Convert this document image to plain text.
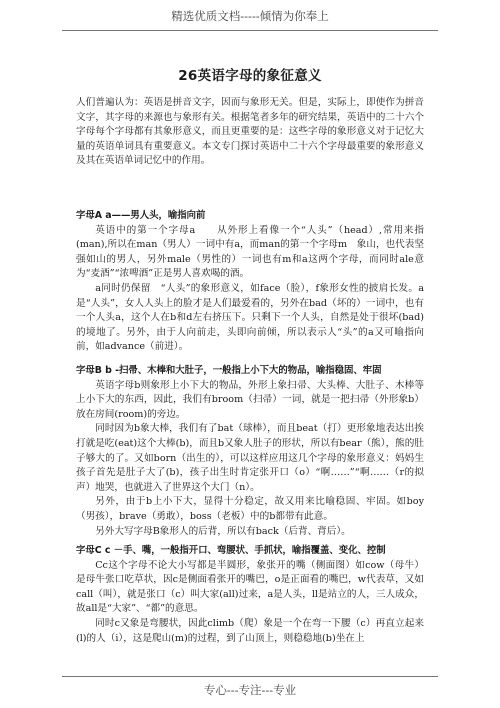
精选优质文档-----倾情为你奉上
26英语字母的象征意义

人们普遍认为：英语是拼音文字，因而与象形无关。但是，实际上，即使作为拼音文字，其字母的来源也与象形有关。根据笔者多年的研究结果，英语中的二十六个字母每个字母都有其象形意义，而且更重要的是：这些字母的象形意义对于记忆大量的英语单词具有重要意义。本文专门探讨英语中二十六个字母最重要的象形意义及其在英语单词记忆中的作用。

字母A a——男人头，喻指向前

英语中的第一个字母a　　从外形上看像一个“人头”（head）,常用来指(man),所以在man（男人）一词中有a，而man的第一个字母m　象山，也代表坚强如山的男人，另外male（男性的）一词也有m和a这两个字母，而同时ale意为“麦酒”“浓啤酒”正是男人喜欢喝的酒。

a同时仍保留　“人头”的象形意义，如face（脸），f象形女性的披肩长发。a是“人头”，女人人头上的脸才是人们最爱看的，另外在bad（坏的）一词中，也有一个人头a，这个人在b和d左右挤压下。只剩下一个人头，自然是处于很坏(bad)的境地了。另外，由于人向前走，头即向前倾，所以表示人“头”的a又可喻指向前，如advance（前进）。

字母B b -扫帚、木棒和大肚子，一般指上小下大的物品，喻指稳固、牢固

英语字母b则象形上小下大的物品，外形上象扫帚、大头棒、大肚子、木棒等上小下大的东西，因此，我们有broom（扫帚）一词，就是一把扫帚（外形象b）放在房间(room)的旁边。

同时因为b象大棒，我们有了bat（球棒），而且beat（打）更形象地表达出挨打就是吃(eat)这个大棒(b)，而且b又象人肚子的形状，所以有bear（熊），熊的肚子够大的了。又如born（出生的），可以这样应用这几个字母的象形意义：妈妈生孩子首先是肚子大了(b)，孩子出生时肯定张开口（o）“啊……”“啊……（r的拟声）地哭，也就进入了世界这个大门（n）。

另外，由于b上小下大，显得十分稳定，故又用来比喻稳固、牢固。如boy（男孩），brave（勇敢），boss（老板）中的b都带有此意。

另外大写字母B象形人的后背，所以有back（后背、背后）。

字母C c －手、嘴，一般指开口、弯腰状、手抓状，喻指覆盖、变化、控制

Cc这个字母不论大小写都是半圆形，象张开的嘴（侧面图）如cow（母牛）是母牛张口吃草状，因c是侧面看张开的嘴巴，o是正面看的嘴巴，w代表草，又如call（叫），就是张口（c）叫大家(all)过来，a是人头，ll是站立的人，三人成众，故all是“大家”、“都”的意思。

同时c又象是弯腰状，因此climb（爬）象是一个在弯一下腰（c）再直立起来(l)的人（i），这是爬山(m)的过程，到了山顶上，则稳稳地(b)坐在上

专心---专注---专业
